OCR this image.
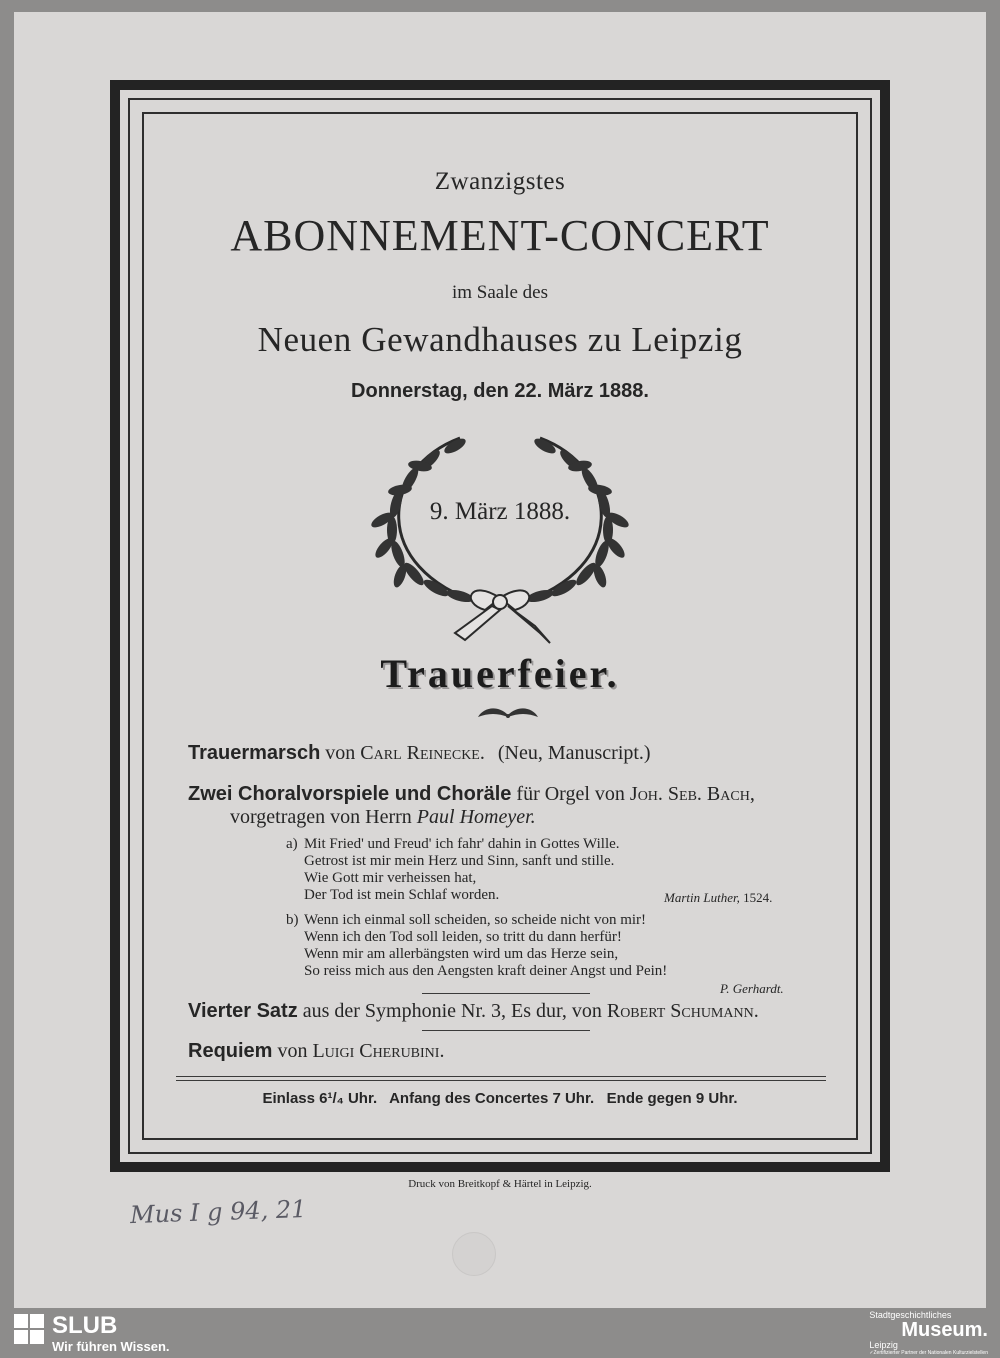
Zwanzigstes
ABONNEMENT-CONCERT
im Saale des
Neuen Gewandhauses zu Leipzig
Donnerstag, den 22. März 1888.
9. März 1888.
Trauerfeier.
Trauermarsch von Carl Reinecke. (Neu, Manuscript.)
Zwei Choralvorspiele und Choräle für Orgel von Joh. Seb. Bach,
vorgetragen von Herrn Paul Homeyer.
a) Mit Fried' und Freud' ich fahr' dahin in Gottes Wille.
Getrost ist mir mein Herz und Sinn, sanft und stille.
Wie Gott mir verheissen hat,
Der Tod ist mein Schlaf worden.	Martin Luther, 1524.
b) Wenn ich einmal soll scheiden, so scheide nicht von mir!
Wenn ich den Tod soll leiden, so tritt du dann herfür!
Wenn mir am allerbängsten wird um das Herze sein,
So reiss mich aus den Aengsten kraft deiner Angst und Pein!
P. Gerhardt.
Vierter Satz aus der Symphonie Nr. 3, Es dur, von Robert Schumann.
Requiem von Luigi Cherubini.
Einlass 6¹/₄ Uhr. Anfang des Concertes 7 Uhr. Ende gegen 9 Uhr.
Druck von Breitkopf & Härtel in Leipzig.
Mus I g 94, 21
SLUB
Wir führen Wissen.
Stadtgeschichtliches
Museum.
Leipzig
✓Zertifizierter Partner der Nationalen Kulturzielstellen
